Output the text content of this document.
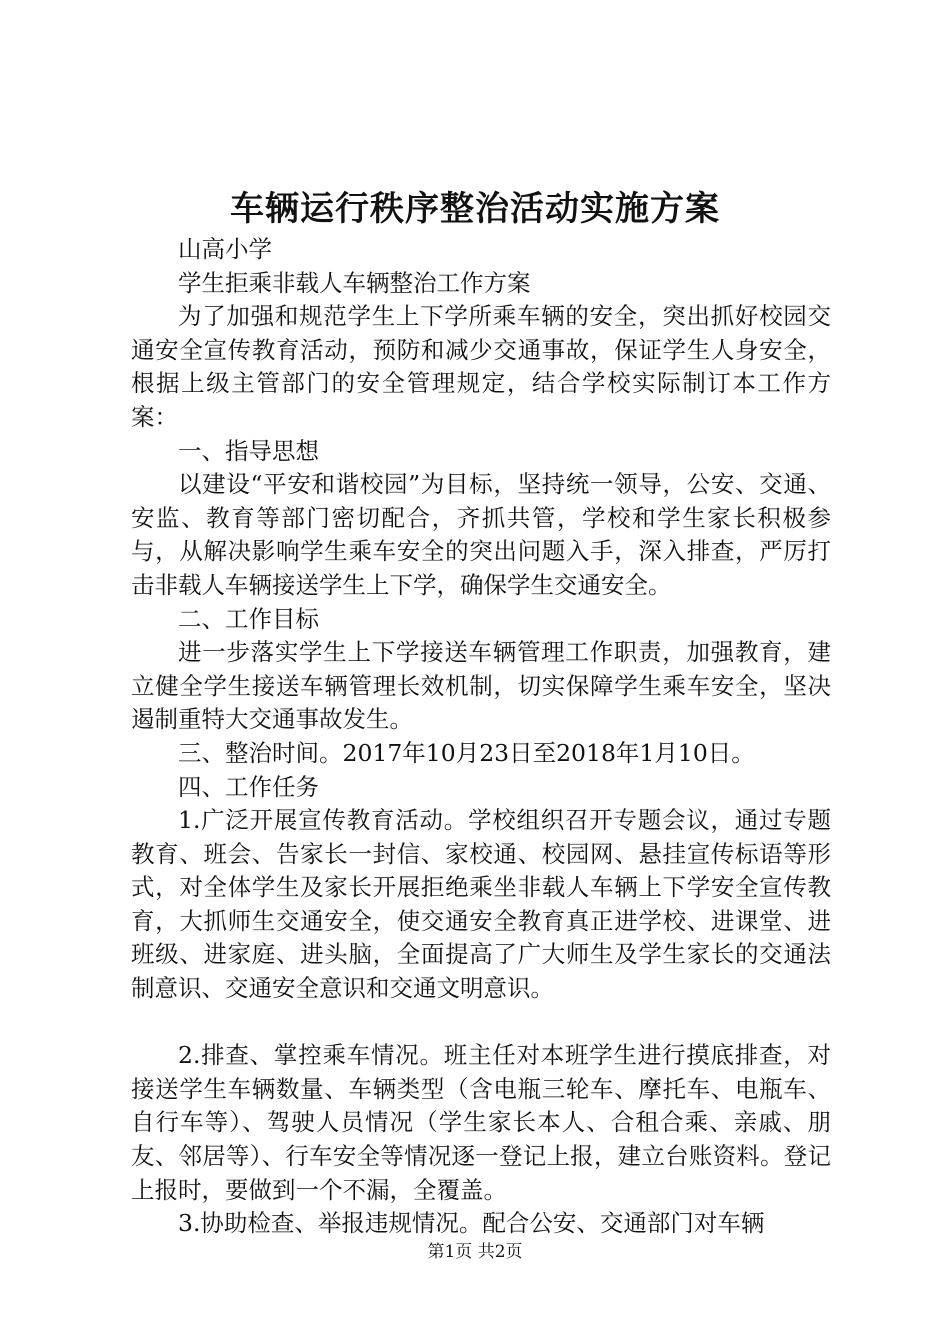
车辆运行秩序整治活动实施方案

山高小学

学生拒乘非载人车辆整治工作方案

为了加强和规范学生上下学所乘车辆的安全，突出抓好校园交通安全宣传教育活动，预防和减少交通事故，保证学生人身安全，根据上级主管部门的安全管理规定，结合学校实际制订本工作方案：

一、指导思想

以建设“平安和谐校园”为目标，坚持统一领导，公安、交通、安监、教育等部门密切配合，齐抓共管，学校和学生家长积极参与，从解决影响学生乘车安全的突出问题入手，深入排查，严厉打击非载人车辆接送学生上下学，确保学生交通安全。

二、工作目标

进一步落实学生上下学接送车辆管理工作职责，加强教育，建立健全学生接送车辆管理长效机制，切实保障学生乘车安全，坚决遏制重特大交通事故发生。

三、整治时间。2017年10月23日至2018年1月10日。

四、工作任务

1.广泛开展宣传教育活动。学校组织召开专题会议，通过专题教育、班会、告家长一封信、家校通、校园网、悬挂宣传标语等形式，对全体学生及家长开展拒绝乘坐非载人车辆上下学安全宣传教育，大抓师生交通安全，使交通安全教育真正进学校、进课堂、进班级、进家庭、进头脑，全面提高了广大师生及学生家长的交通法制意识、交通安全意识和交通文明意识。

2.排查、掌控乘车情况。班主任对本班学生进行摸底排查，对接送学生车辆数量、车辆类型（含电瓶三轮车、摩托车、电瓶车、自行车等）、驾驶人员情况（学生家长本人、合租合乘、亲戚、朋友、邻居等）、行车安全等情况逐一登记上报，建立台账资料。登记上报时，要做到一个不漏，全覆盖。

3.协助检查、举报违规情况。配合公安、交通部门对车辆

第1页 共2页
